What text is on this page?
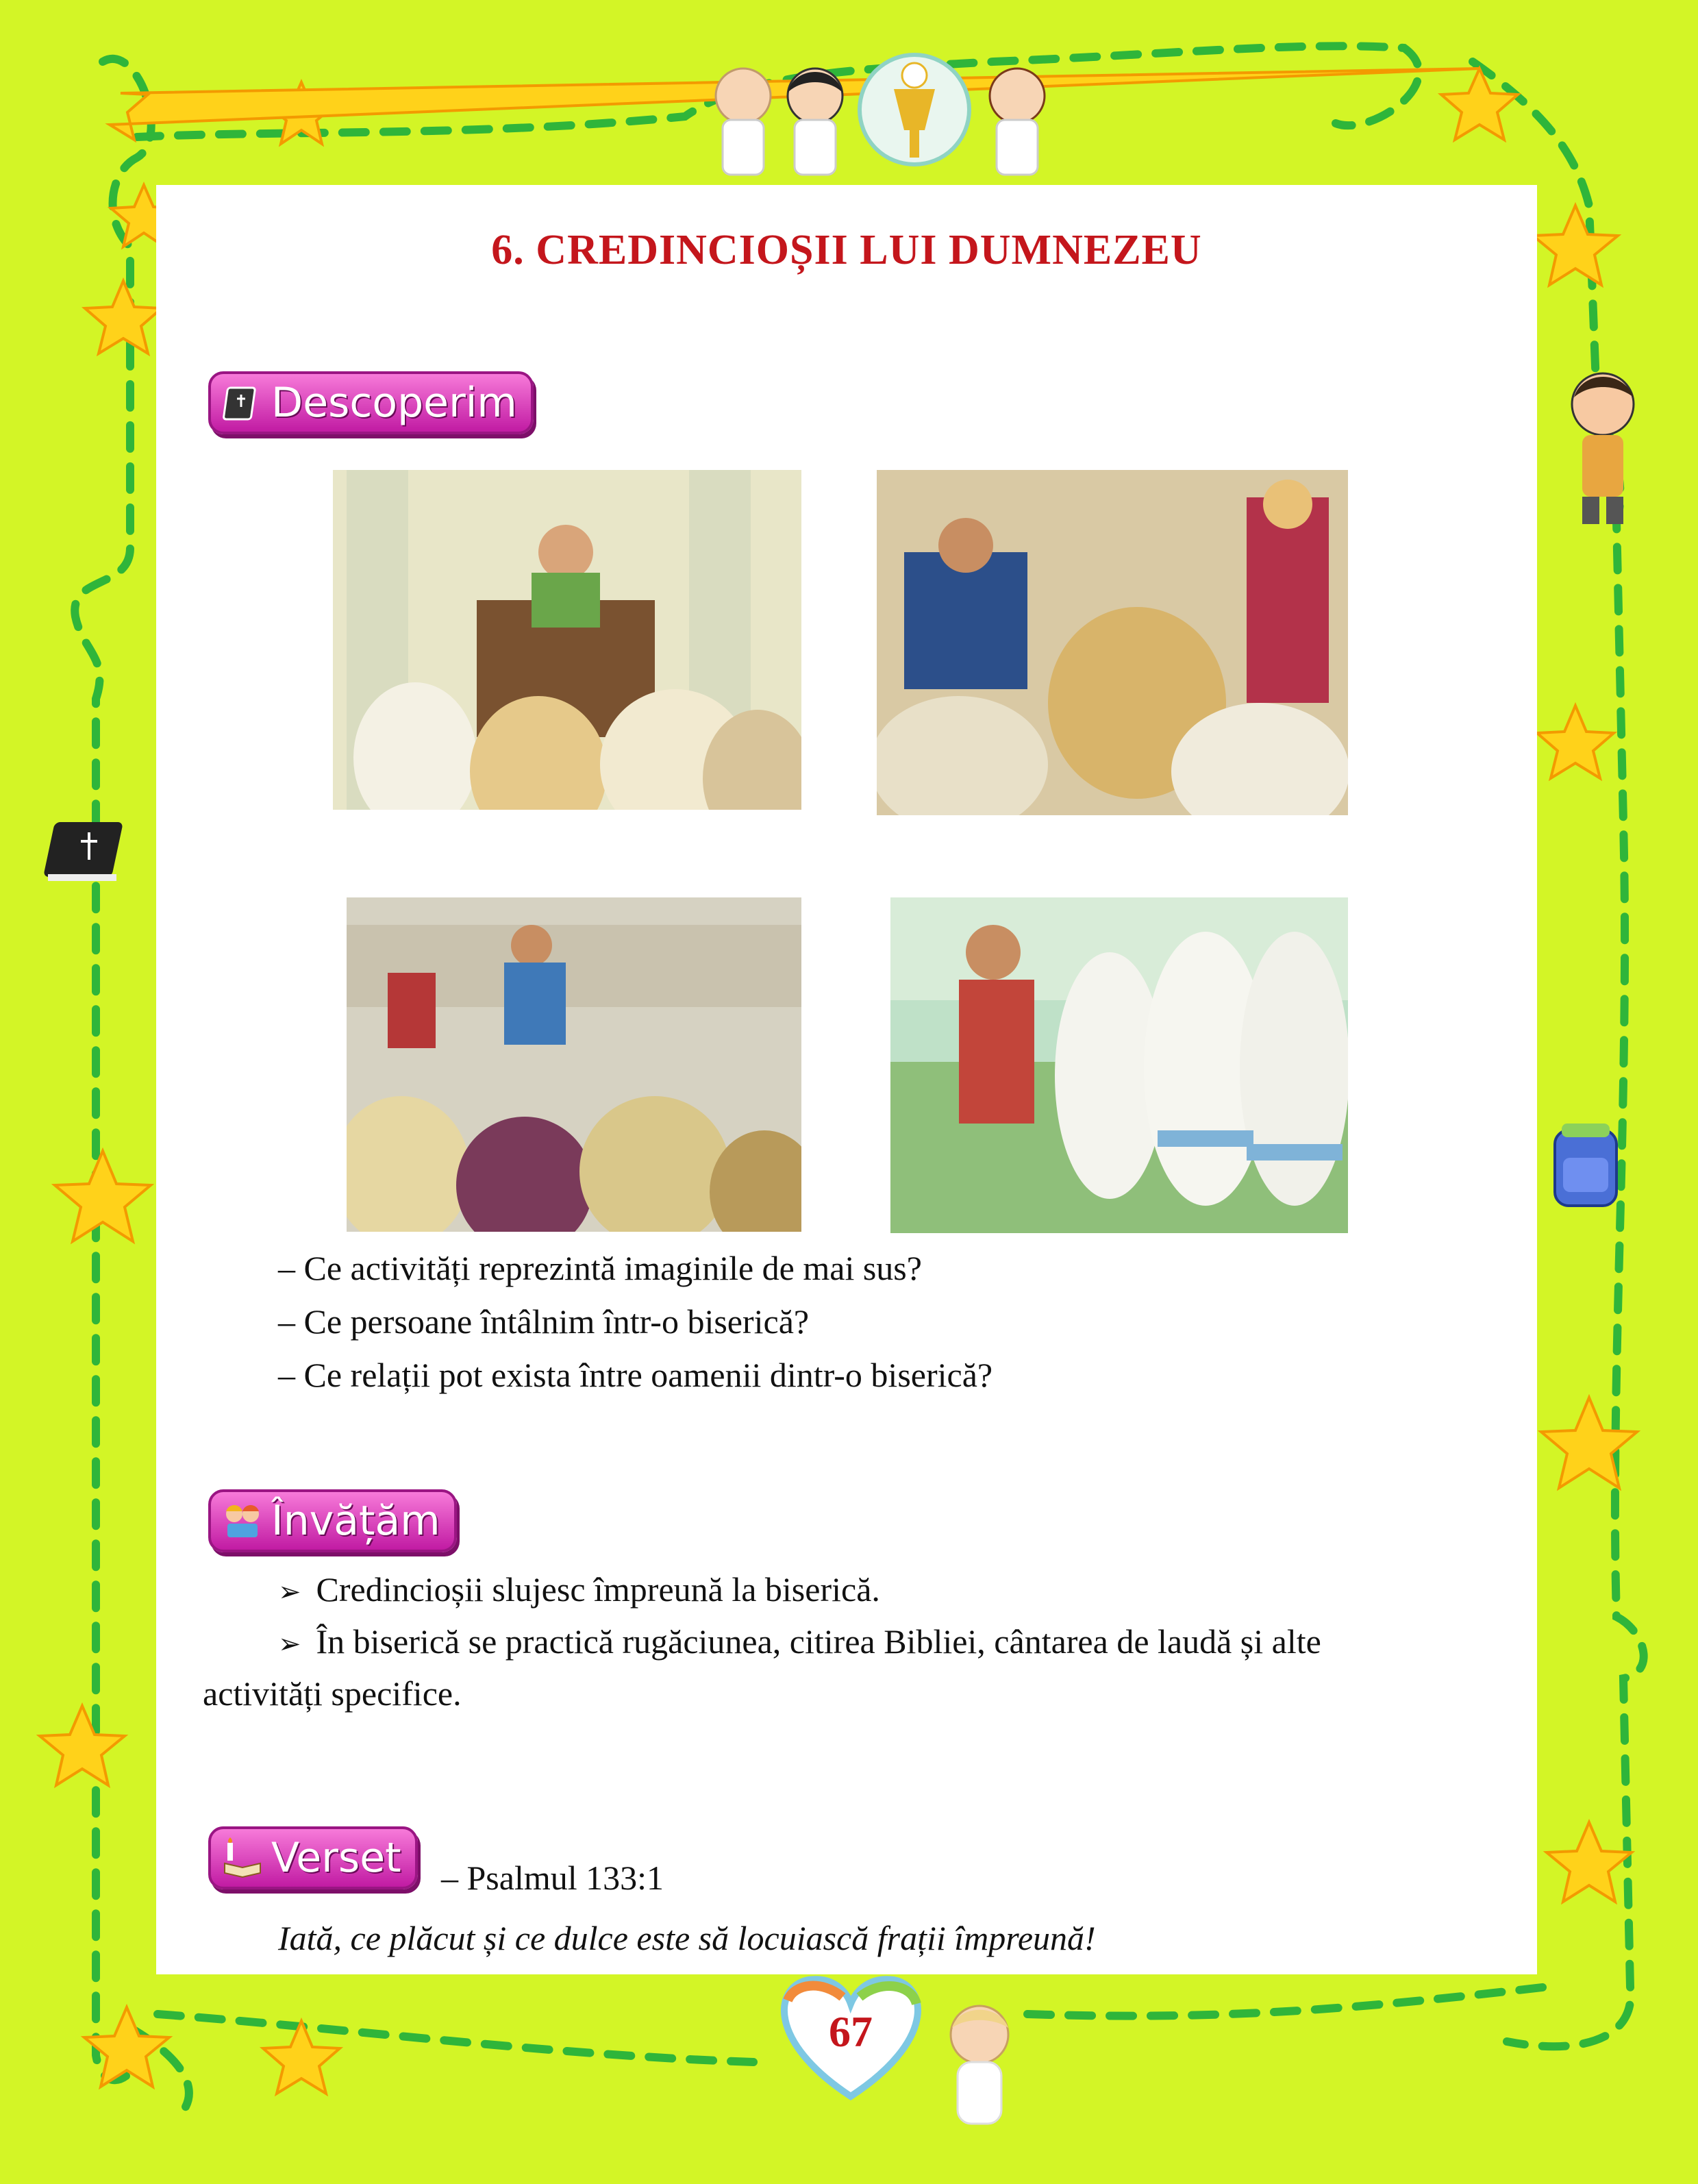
6. CREDINCIOȘII LUI DUMNEZEU
Descoperim
– Ce activități reprezintă imaginile de mai sus?
– Ce persoane întâlnim într-o biserică?
– Ce relații pot exista între oamenii dintr-o biserică?
Învățăm
➢ Credincioșii slujesc împreună la biserică.
➢ În biserică se practică rugăciunea, citirea Bibliei, cântarea de laudă și alte
activități specifice.
Verset – Psalmul 133:1
Iată, ce plăcut și ce dulce este să locuiască frații împreună!
67
